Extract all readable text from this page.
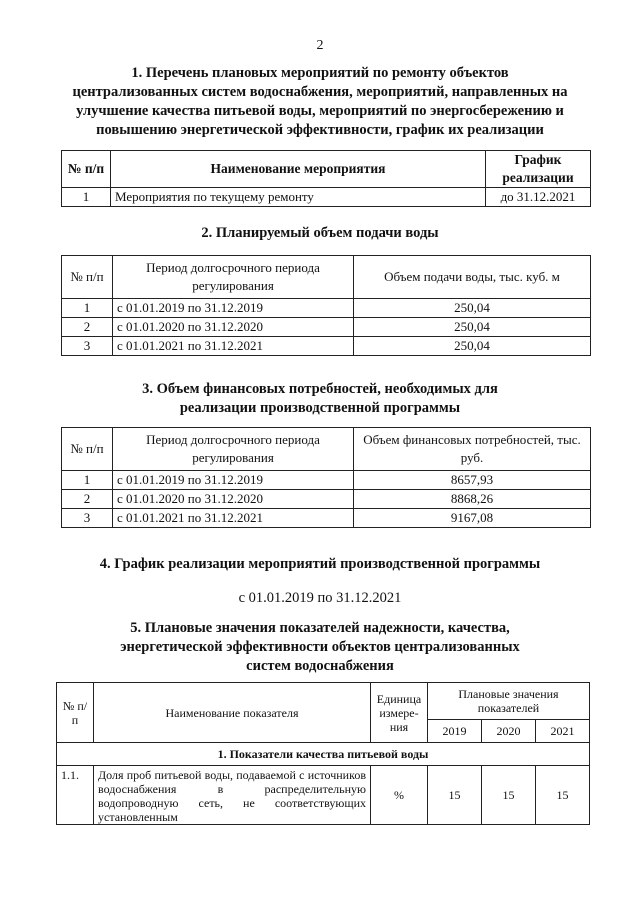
2
1. Перечень плановых мероприятий по ремонту объектов
централизованных систем водоснабжения, мероприятий, направленных на
улучшение качества питьевой воды, мероприятий по энергосбережению и
повышению энергетической эффективности, график их реализации
№ п/п	Наименование мероприятия	График реализации
1	Мероприятия по текущему ремонту	до 31.12.2021
2. Планируемый объем подачи воды
№ п/п	Период долгосрочного периода регулирования	Объем подачи воды, тыс. куб. м
1	с 01.01.2019 по 31.12.2019	250,04
2	с 01.01.2020 по 31.12.2020	250,04
3	с 01.01.2021 по 31.12.2021	250,04
3. Объем финансовых потребностей, необходимых для
реализации производственной программы
№ п/п	Период долгосрочного периода регулирования	Объем финансовых потребностей, тыс. руб.
1	с 01.01.2019 по 31.12.2019	8657,93
2	с 01.01.2020 по 31.12.2020	8868,26
3	с 01.01.2021 по 31.12.2021	9167,08
4. График реализации мероприятий производственной программы
с 01.01.2019 по 31.12.2021
5. Плановые значения показателей надежности, качества,
энергетической эффективности объектов централизованных
систем водоснабжения
№ п/п	Наименование показателя	Единица измере-ния	Плановые значения показателей		
			2019	2020	2021
1. Показатели качества питьевой воды					
1.1.	Доля проб питьевой воды, подаваемой с источников водоснабжения в распределительную водопроводную сеть, не соответствующих установленным	%	15	15	15
